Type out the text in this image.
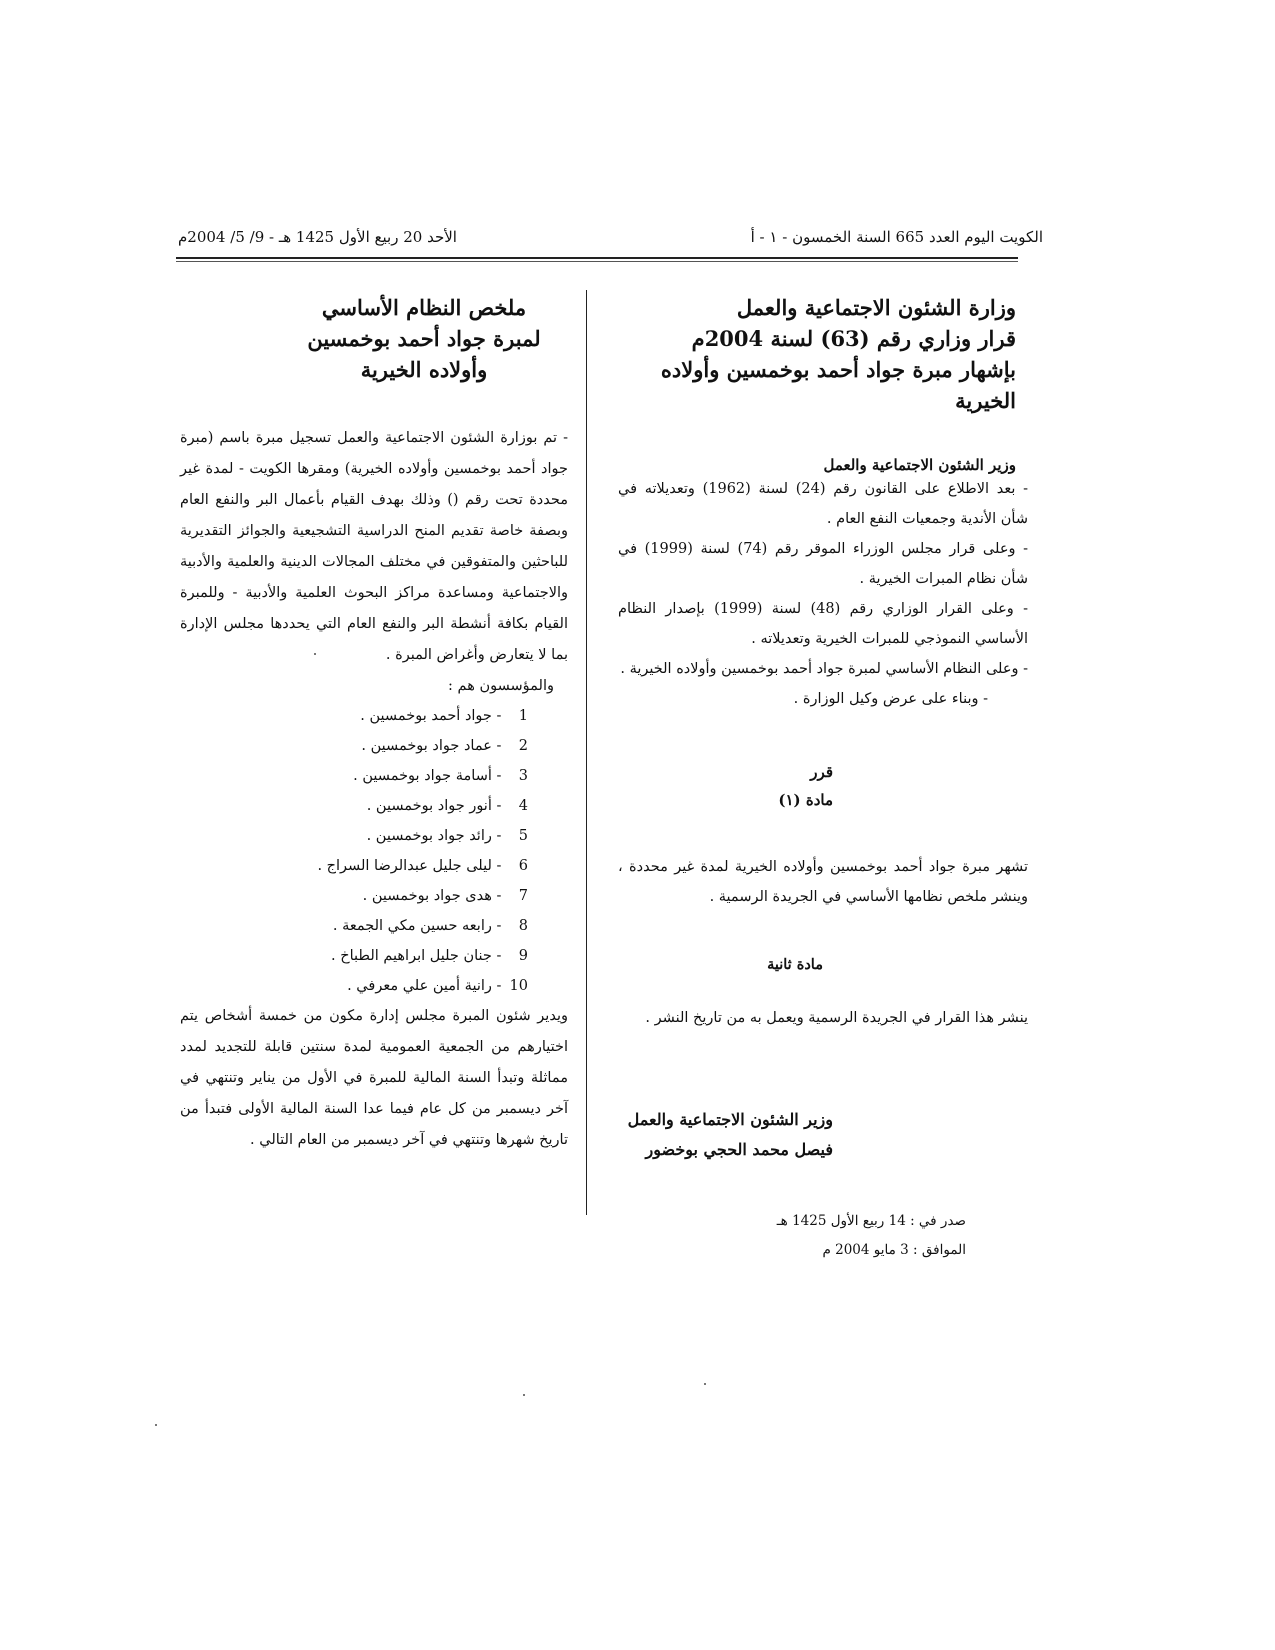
الكويت اليوم العدد 665 السنة الخمسون - ١ - أ
الأحد 20 ربيع الأول 1425 هـ - 9/ 5/ 2004م
وزارة الشئون الاجتماعية والعمل
قرار وزاري رقم (63) لسنة 2004م
بإشهار مبرة جواد أحمد بوخمسين وأولاده الخيرية
وزير الشئون الاجتماعية والعمل

- بعد الاطلاع على القانون رقم (24) لسنة (1962) وتعديلاته في شأن الأندية وجمعيات النفع العام .

- وعلى قرار مجلس الوزراء الموقر رقم (74) لسنة (1999) في شأن نظام المبرات الخيرية .

- وعلى القرار الوزاري رقم (48) لسنة (1999) بإصدار النظام الأساسي النموذجي للمبرات الخيرية وتعديلاته .

- وعلى النظام الأساسي لمبرة جواد أحمد بوخمسين وأولاده الخيرية .

- وبناء على عرض وكيل الوزارة .

قرر
مادة (١)
تشهر مبرة جواد أحمد بوخمسين وأولاده الخيرية لمدة غير محددة ، وينشر ملخص نظامها الأساسي في الجريدة الرسمية .
مادة ثانية
ينشر هذا القرار في الجريدة الرسمية ويعمل به من تاريخ النشر .
وزير الشئون الاجتماعية والعمل
فيصل محمد الحجي بوخضور
صدر في : 14 ربيع الأول 1425 هـ
الموافق : 3 مايو 2004 م
ملخص النظام الأساسي
لمبرة جواد أحمد بوخمسين وأولاده الخيرية
- تم بوزارة الشئون الاجتماعية والعمل تسجيل مبرة باسم (مبرة جواد أحمد بوخمسين وأولاده الخيرية) ومقرها الكويت - لمدة غير محددة تحت رقم () وذلك بهدف القيام بأعمال البر والنفع العام وبصفة خاصة تقديم المنح الدراسية التشجيعية والجوائز التقديرية للباحثين والمتفوقين في مختلف المجالات الدينية والعلمية والأدبية والاجتماعية ومساعدة مراكز البحوث العلمية والأدبية - وللمبرة القيام بكافة أنشطة البر والنفع العام التي يحددها مجلس الإدارة بما لا يتعارض وأغراض المبرة .
والمؤسسون هم :
1 - جواد أحمد بوخمسين .
2 - عماد جواد بوخمسين .
3 - أسامة جواد بوخمسين .
4 - أنور جواد بوخمسين .
5 - رائد جواد بوخمسين .
6 - ليلى جليل عبدالرضا السراج .
7 - هدى جواد بوخمسين .
8 - رابعه حسين مكي الجمعة .
9 - جنان جليل ابراهيم الطباخ .
10 - رانية أمين علي معرفي .
ويدير شئون المبرة مجلس إدارة مكون من خمسة أشخاص يتم اختيارهم من الجمعية العمومية لمدة سنتين قابلة للتجديد لمدد مماثلة وتبدأ السنة المالية للمبرة في الأول من يناير وتنتهي في آخر ديسمبر من كل عام فيما عدا السنة المالية الأولى فتبدأ من تاريخ شهرها وتنتهي في آخر ديسمبر من العام التالي .
